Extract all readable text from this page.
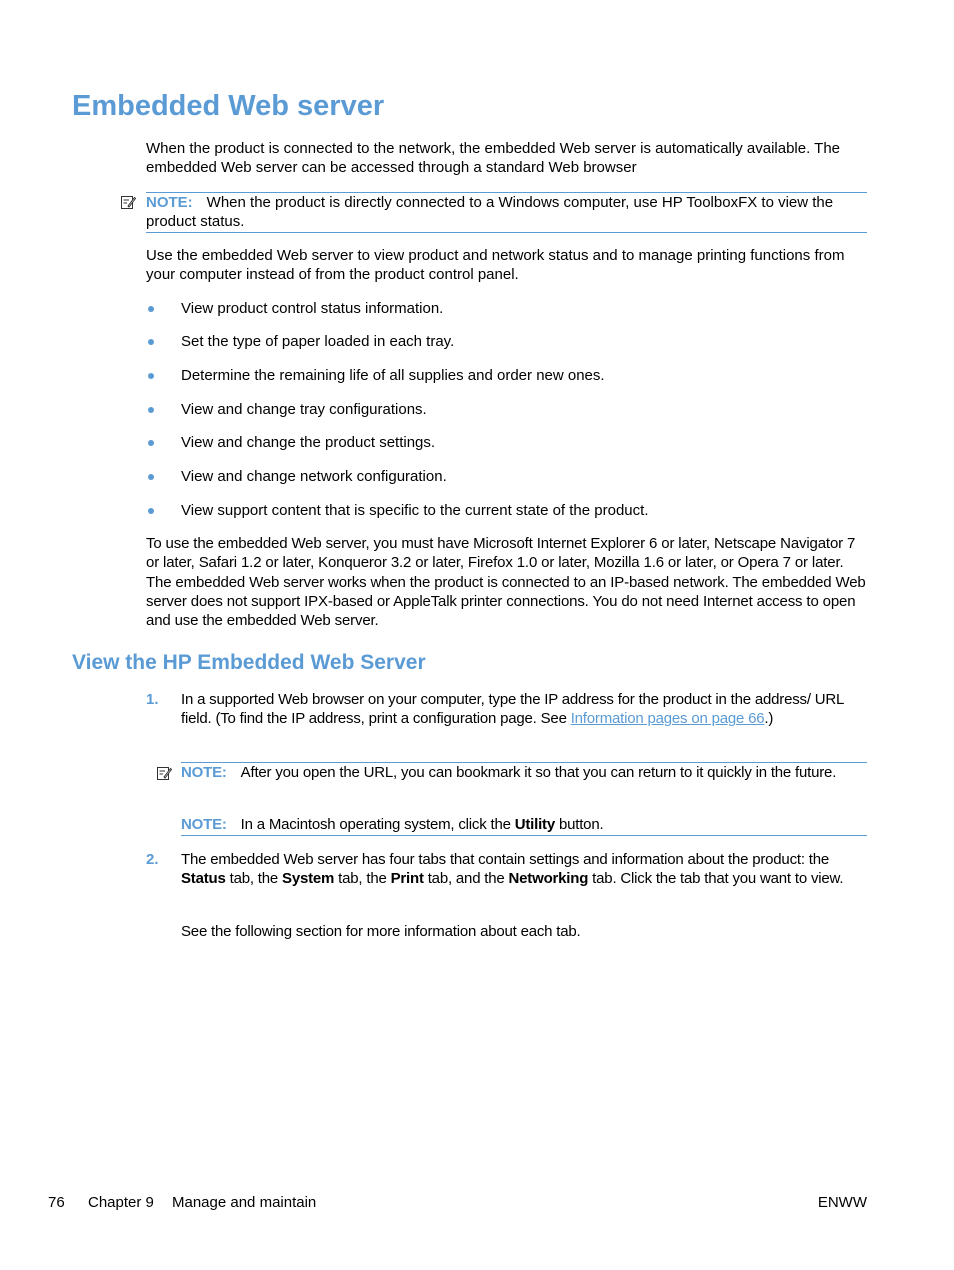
Embedded Web server

When the product is connected to the network, the embedded Web server is automatically available. The embedded Web server can be accessed through a standard Web browser

NOTE: When the product is directly connected to a Windows computer, use HP ToolboxFX to view the product status.

Use the embedded Web server to view product and network status and to manage printing functions from your computer instead of from the product control panel.

View product control status information.
Set the type of paper loaded in each tray.
Determine the remaining life of all supplies and order new ones.
View and change tray configurations.
View and change the product settings.
View and change network configuration.
View support content that is specific to the current state of the product.

To use the embedded Web server, you must have Microsoft Internet Explorer 6 or later, Netscape Navigator 7 or later, Safari 1.2 or later, Konqueror 3.2 or later, Firefox 1.0 or later, Mozilla 1.6 or later, or Opera 7 or later. The embedded Web server works when the product is connected to an IP-based network. The embedded Web server does not support IPX-based or AppleTalk printer connections. You do not need Internet access to open and use the embedded Web server.

View the HP Embedded Web Server
1. In a supported Web browser on your computer, type the IP address for the product in the address/ URL field. (To find the IP address, print a configuration page. See Information pages on page 66.)
NOTE: After you open the URL, you can bookmark it so that you can return to it quickly in the future.
NOTE: In a Macintosh operating system, click the Utility button.
2. The embedded Web server has four tabs that contain settings and information about the product: the Status tab, the System tab, the Print tab, and the Networking tab. Click the tab that you want to view.
See the following section for more information about each tab.
76 Chapter 9 Manage and maintain	ENWW
